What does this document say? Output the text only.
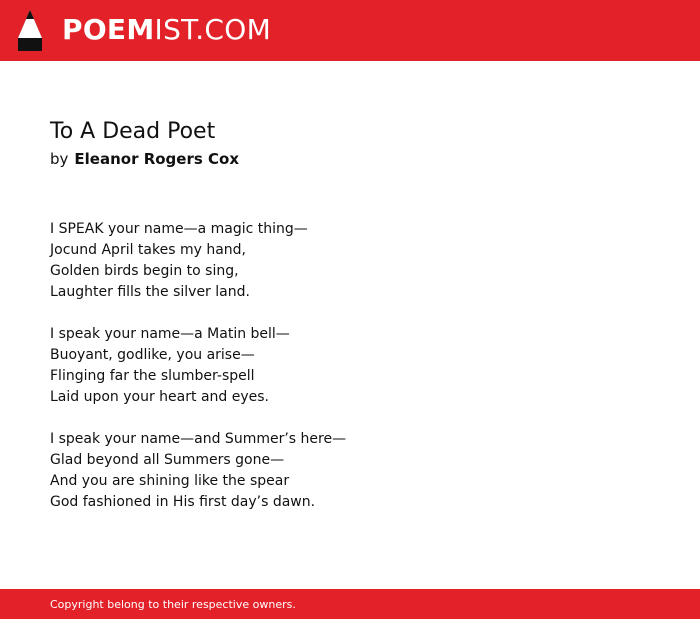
POEMIST.COM
To A Dead Poet
by Eleanor Rogers Cox
I SPEAK your name—a magic thing—
Jocund April takes my hand,
Golden birds begin to sing,
Laughter fills the silver land.
I speak your name—a Matin bell—
Buoyant, godlike, you arise—
Flinging far the slumber-spell
Laid upon your heart and eyes.
I speak your name—and Summer’s here—
Glad beyond all Summers gone—
And you are shining like the spear
God fashioned in His first day’s dawn.
Copyright belong to their respective owners.
